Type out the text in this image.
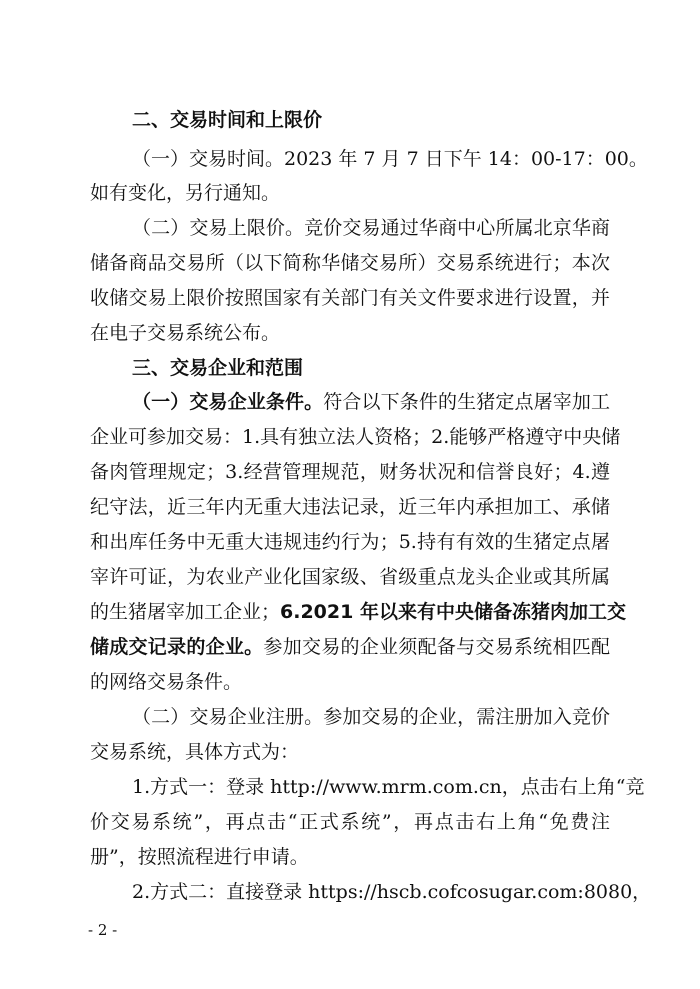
二、交易时间和上限价
（一）交易时间。2023 年 7 月 7 日下午 14：00-17：00。
如有变化，另行通知。
（二）交易上限价。竞价交易通过华商中心所属北京华商
储备商品交易所（以下简称华储交易所）交易系统进行；本次
收储交易上限价按照国家有关部门有关文件要求进行设置，并
在电子交易系统公布。
三、交易企业和范围
（一）交易企业条件。符合以下条件的生猪定点屠宰加工
企业可参加交易：1.具有独立法人资格；2.能够严格遵守中央储
备肉管理规定；3.经营管理规范，财务状况和信誉良好；4.遵
纪守法，近三年内无重大违法记录，近三年内承担加工、承储
和出库任务中无重大违规违约行为；5.持有有效的生猪定点屠
宰许可证，为农业产业化国家级、省级重点龙头企业或其所属
的生猪屠宰加工企业；6.2021 年以来有中央储备冻猪肉加工交
储成交记录的企业。参加交易的企业须配备与交易系统相匹配
的网络交易条件。
（二）交易企业注册。参加交易的企业，需注册加入竞价
交易系统，具体方式为：
1.方式一：登录 http://www.mrm.com.cn，点击右上角“竞
价交易系统”，再点击“正式系统”，再点击右上角“免费注
册”，按照流程进行申请。
2.方式二：直接登录 https://hscb.cofcosugar.com:8080，
- 2 -
